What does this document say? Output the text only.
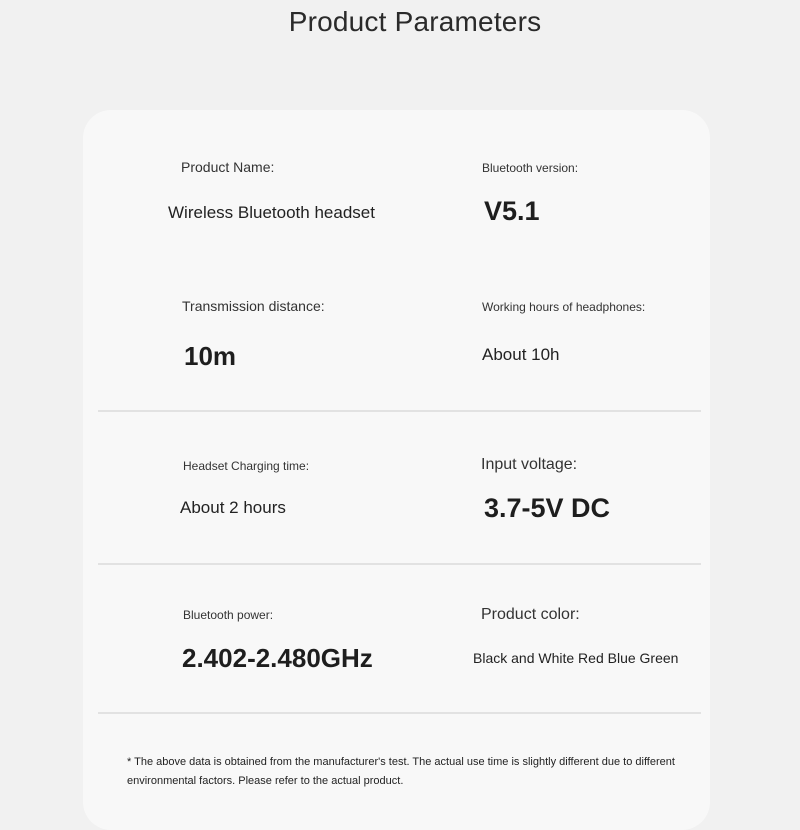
Product Parameters
Product Name:
Wireless Bluetooth headset
Bluetooth version:
V5.1
Transmission distance:
10m
Working hours of headphones:
About 10h
Headset Charging time:
About 2 hours
Input voltage:
3.7-5V DC
Bluetooth power:
2.402-2.480GHz
Product color:
Black and White Red Blue Green
* The above data is obtained from the manufacturer's test. The actual use time is slightly different due to different environmental factors. Please refer to the actual product.
